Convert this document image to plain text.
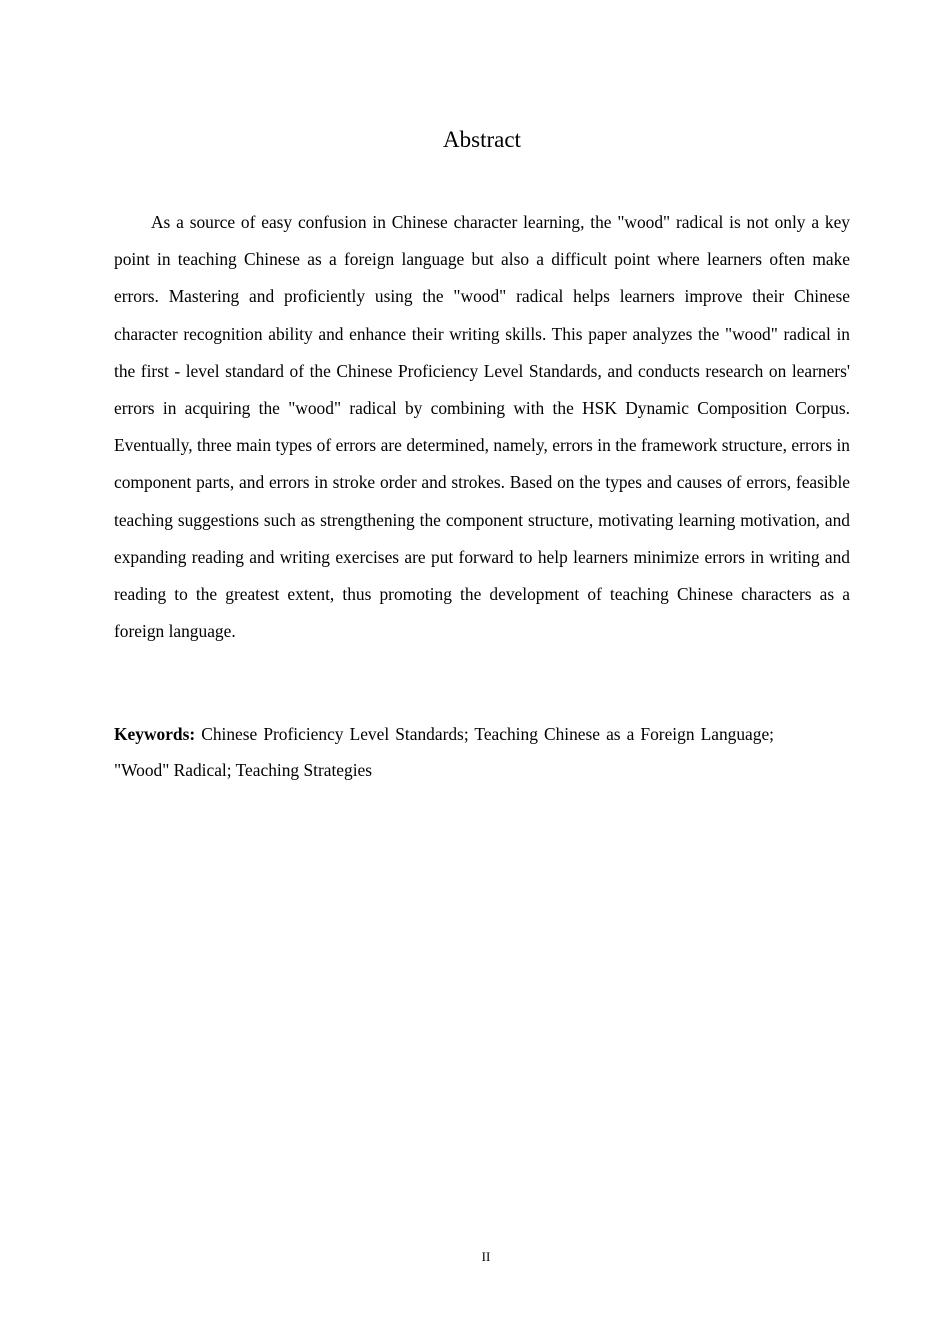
Abstract

As a source of easy confusion in Chinese character learning, the "wood" radical is not only a key point in teaching Chinese as a foreign language but also a difficult point where learners often make errors. Mastering and proficiently using the "wood" radical helps learners improve their Chinese character recognition ability and enhance their writing skills. This paper analyzes the "wood" radical in the first - level standard of the Chinese Proficiency Level Standards, and conducts research on learners' errors in acquiring the "wood" radical by combining with the HSK Dynamic Composition Corpus. Eventually, three main types of errors are determined, namely, errors in the framework structure, errors in component parts, and errors in stroke order and strokes. Based on the types and causes of errors, feasible teaching suggestions such as strengthening the component structure, motivating learning motivation, and expanding reading and writing exercises are put forward to help learners minimize errors in writing and reading to the greatest extent, thus promoting the development of teaching Chinese characters as a foreign language.

Keywords: Chinese Proficiency Level Standards; Teaching Chinese as a Foreign Language; "Wood" Radical; Teaching Strategies

II
